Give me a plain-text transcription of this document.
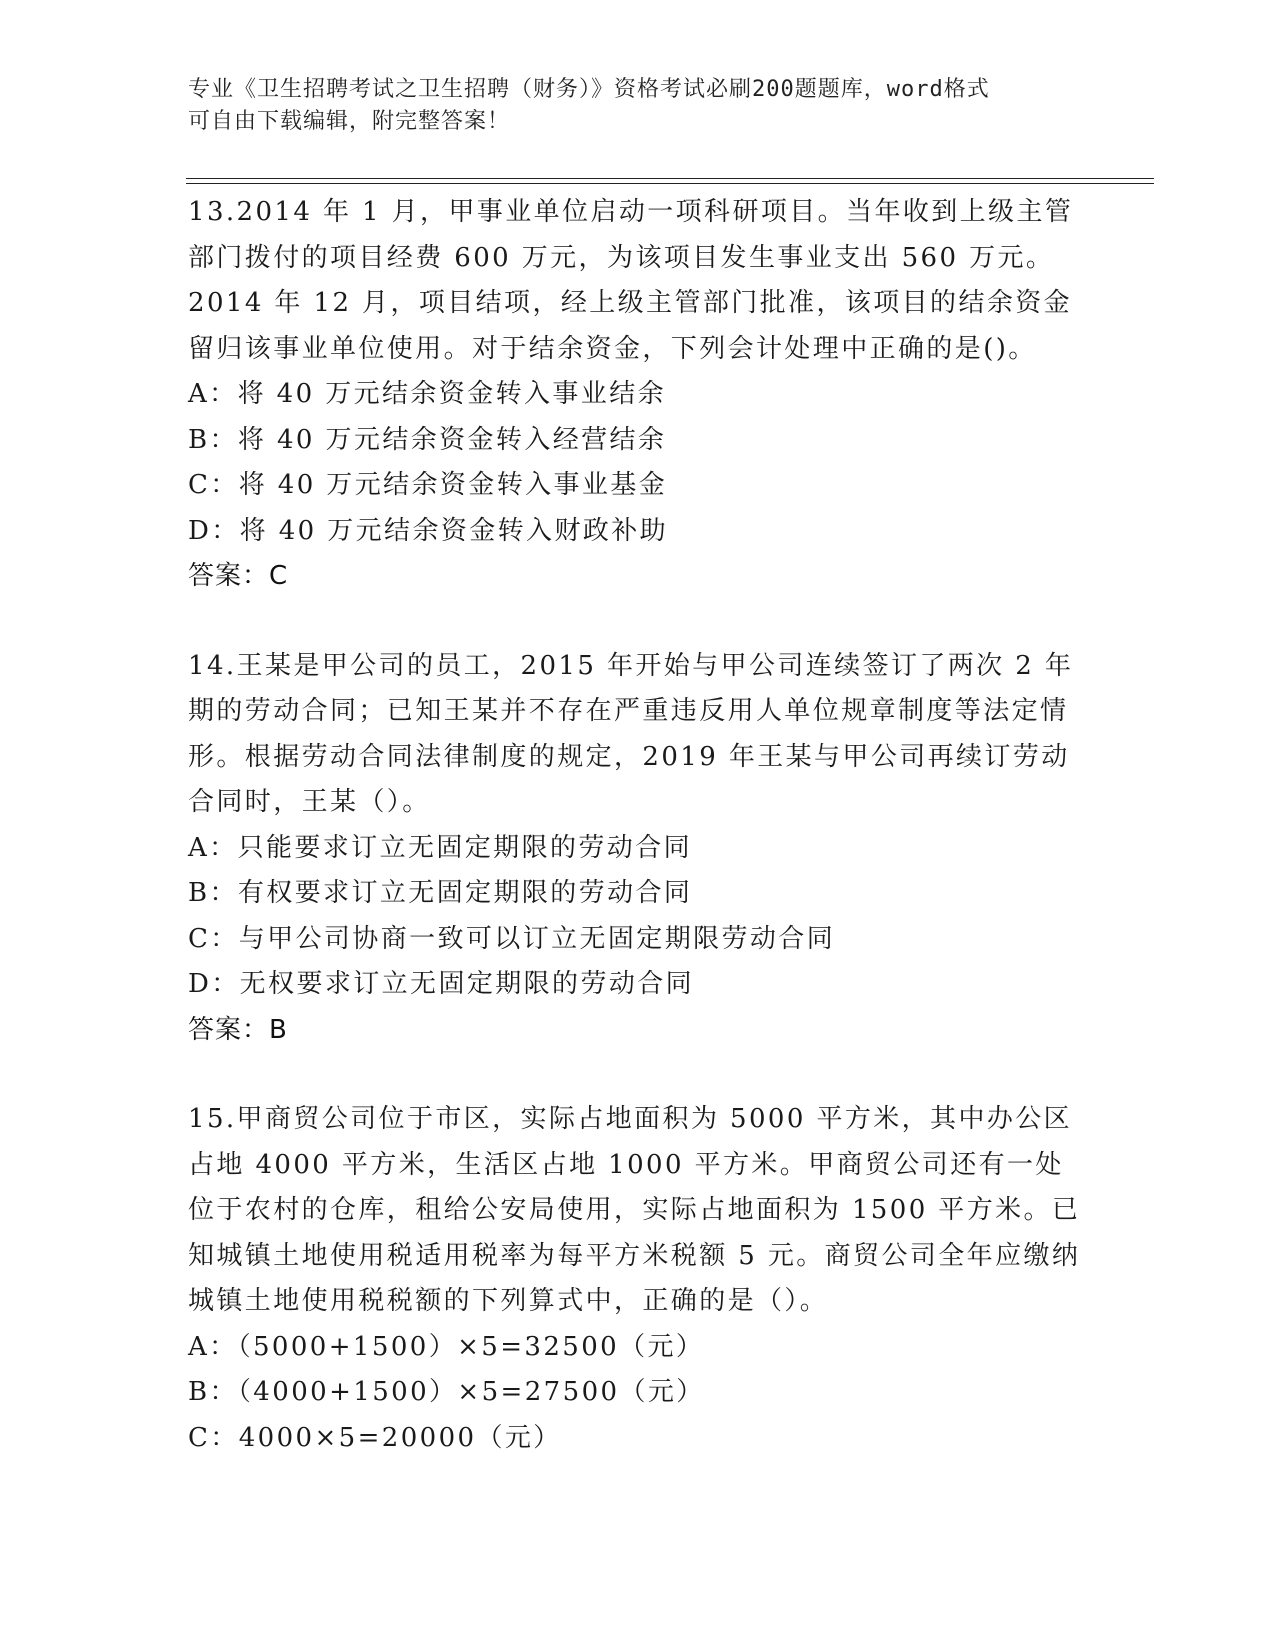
专业《卫生招聘考试之卫生招聘（财务）》资格考试必刷200题题库，word格式
可自由下载编辑，附完整答案！
13.2014 年 1 月，甲事业单位启动一项科研项目。当年收到上级主管部门拨付的项目经费 600 万元，为该项目发生事业支出 560 万元。2014 年 12 月，项目结项，经上级主管部门批准，该项目的结余资金留归该事业单位使用。对于结余资金，下列会计处理中正确的是()。
A：将 40 万元结余资金转入事业结余
B：将 40 万元结余资金转入经营结余
C：将 40 万元结余资金转入事业基金
D：将 40 万元结余资金转入财政补助
答案：C
14.王某是甲公司的员工，2015 年开始与甲公司连续签订了两次 2 年期的劳动合同；已知王某并不存在严重违反用人单位规章制度等法定情形。根据劳动合同法律制度的规定，2019 年王某与甲公司再续订劳动合同时，王某（）。
A：只能要求订立无固定期限的劳动合同
B：有权要求订立无固定期限的劳动合同
C：与甲公司协商一致可以订立无固定期限劳动合同
D：无权要求订立无固定期限的劳动合同
答案：B
15.甲商贸公司位于市区，实际占地面积为 5000 平方米，其中办公区占地 4000 平方米，生活区占地 1000 平方米。甲商贸公司还有一处位于农村的仓库，租给公安局使用，实际占地面积为 1500 平方米。已知城镇土地使用税适用税率为每平方米税额 5 元。商贸公司全年应缴纳城镇土地使用税税额的下列算式中，正确的是（）。
A：（5000+1500）×5=32500（元）
B：（4000+1500）×5=27500（元）
C：4000×5=20000（元）
